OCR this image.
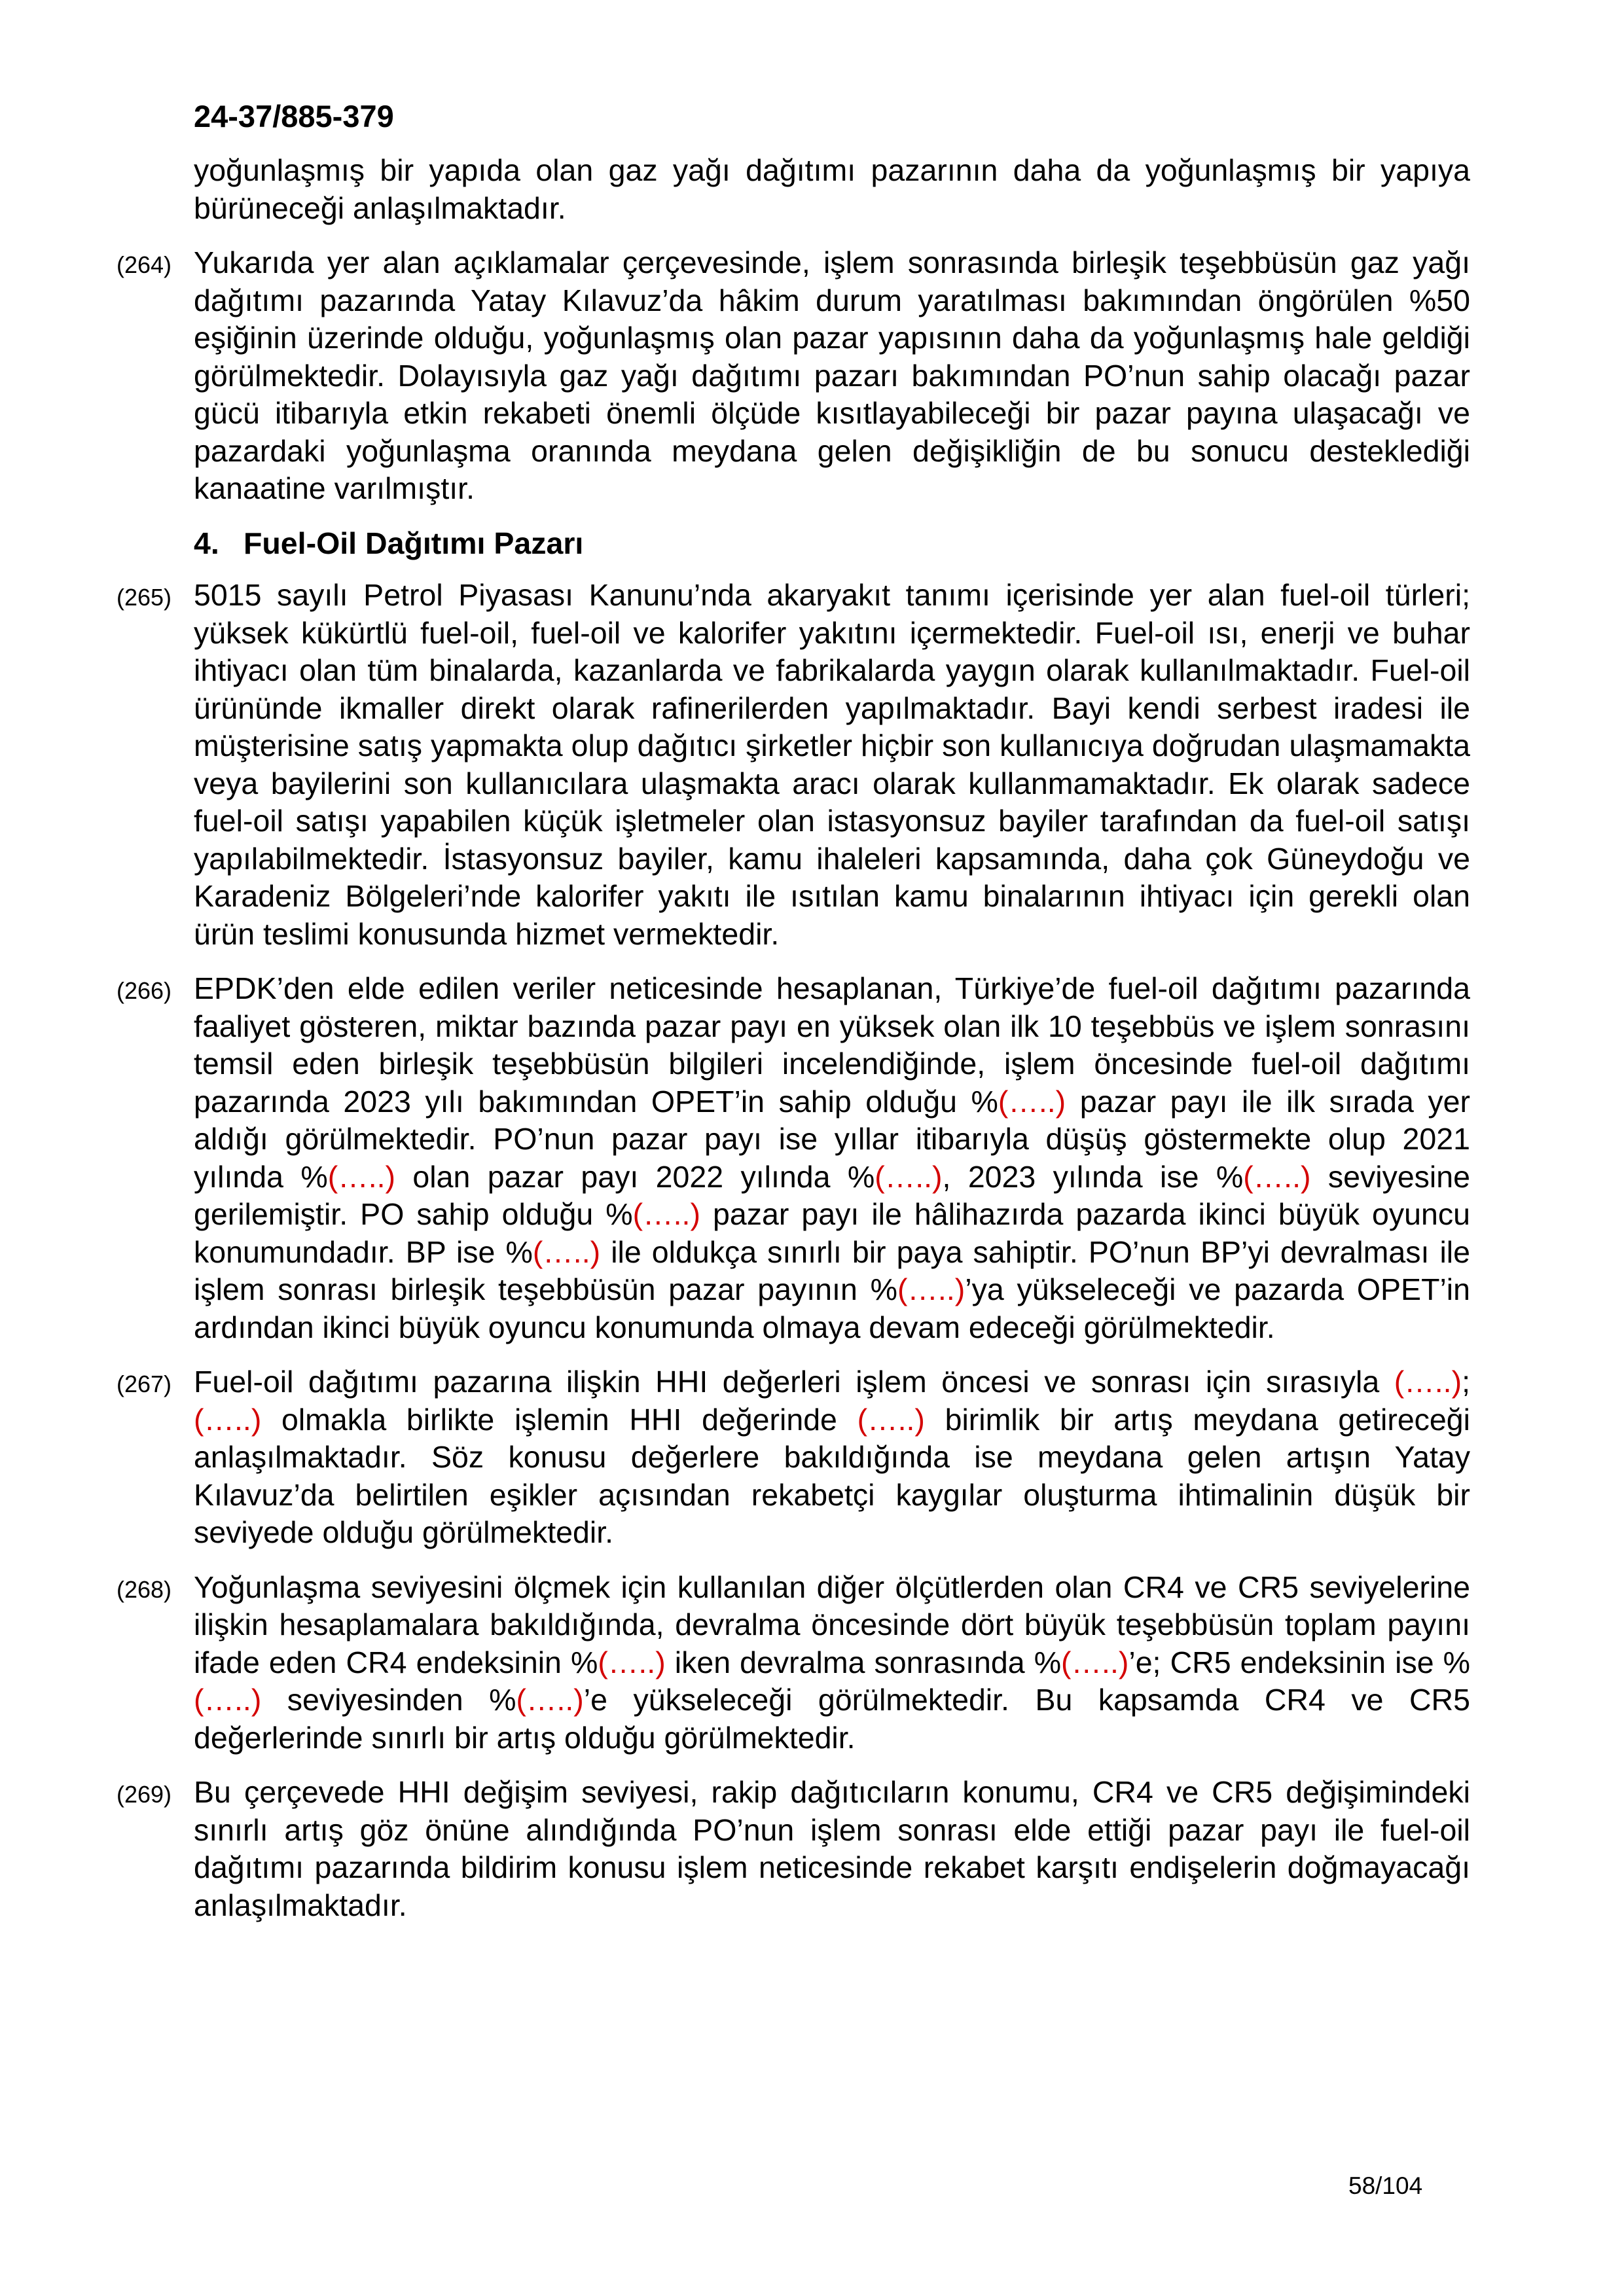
24-37/885-379

yoğunlaşmış bir yapıda olan gaz yağı dağıtımı pazarının daha da yoğunlaşmış bir yapıya bürüneceği anlaşılmaktadır.

(264) Yukarıda yer alan açıklamalar çerçevesinde, işlem sonrasında birleşik teşebbüsün gaz yağı dağıtımı pazarında Yatay Kılavuz’da hâkim durum yaratılması bakımından öngörülen %50 eşiğinin üzerinde olduğu, yoğunlaşmış olan pazar yapısının daha da yoğunlaşmış hale geldiği görülmektedir. Dolayısıyla gaz yağı dağıtımı pazarı bakımından PO’nun sahip olacağı pazar gücü itibarıyla etkin rekabeti önemli ölçüde kısıtlayabileceği bir pazar payına ulaşacağı ve pazardaki yoğunlaşma oranında meydana gelen değişikliğin de bu sonucu desteklediği kanaatine varılmıştır.

4. Fuel-Oil Dağıtımı Pazarı

(265) 5015 sayılı Petrol Piyasası Kanunu’nda akaryakıt tanımı içerisinde yer alan fuel-oil türleri; yüksek kükürtlü fuel-oil, fuel-oil ve kalorifer yakıtını içermektedir. Fuel-oil ısı, enerji ve buhar ihtiyacı olan tüm binalarda, kazanlarda ve fabrikalarda yaygın olarak kullanılmaktadır. Fuel-oil ürününde ikmaller direkt olarak rafinerilerden yapılmaktadır. Bayi kendi serbest iradesi ile müşterisine satış yapmakta olup dağıtıcı şirketler hiçbir son kullanıcıya doğrudan ulaşmamakta veya bayilerini son kullanıcılara ulaşmakta aracı olarak kullanmamaktadır. Ek olarak sadece fuel-oil satışı yapabilen küçük işletmeler olan istasyonsuz bayiler tarafından da fuel-oil satışı yapılabilmektedir. İstasyonsuz bayiler, kamu ihaleleri kapsamında, daha çok Güneydoğu ve Karadeniz Bölgeleri’nde kalorifer yakıtı ile ısıtılan kamu binalarının ihtiyacı için gerekli olan ürün teslimi konusunda hizmet vermektedir.

(266) EPDK’den elde edilen veriler neticesinde hesaplanan, Türkiye’de fuel-oil dağıtımı pazarında faaliyet gösteren, miktar bazında pazar payı en yüksek olan ilk 10 teşebbüs ve işlem sonrasını temsil eden birleşik teşebbüsün bilgileri incelendiğinde, işlem öncesinde fuel-oil dağıtımı pazarında 2023 yılı bakımından OPET’in sahip olduğu %(…..) pazar payı ile ilk sırada yer aldığı görülmektedir. PO’nun pazar payı ise yıllar itibarıyla düşüş göstermekte olup 2021 yılında %(…..) olan pazar payı 2022 yılında %(…..), 2023 yılında ise %(…..) seviyesine gerilemiştir. PO sahip olduğu %(…..) pazar payı ile hâlihazırda pazarda ikinci büyük oyuncu konumundadır. BP ise %(…..) ile oldukça sınırlı bir paya sahiptir. PO’nun BP’yi devralması ile işlem sonrası birleşik teşebbüsün pazar payının %(…..)’ya yükseleceği ve pazarda OPET’in ardından ikinci büyük oyuncu konumunda olmaya devam edeceği görülmektedir.

(267) Fuel-oil dağıtımı pazarına ilişkin HHI değerleri işlem öncesi ve sonrası için sırasıyla (…..); (…..) olmakla birlikte işlemin HHI değerinde (…..) birimlik bir artış meydana getireceği anlaşılmaktadır. Söz konusu değerlere bakıldığında ise meydana gelen artışın Yatay Kılavuz’da belirtilen eşikler açısından rekabetçi kaygılar oluşturma ihtimalinin düşük bir seviyede olduğu görülmektedir.

(268) Yoğunlaşma seviyesini ölçmek için kullanılan diğer ölçütlerden olan CR4 ve CR5 seviyelerine ilişkin hesaplamalara bakıldığında, devralma öncesinde dört büyük teşebbüsün toplam payını ifade eden CR4 endeksinin %(…..) iken devralma sonrasında %(…..)’e; CR5 endeksinin ise %(…..) seviyesinden %(…..)’e yükseleceği görülmektedir. Bu kapsamda CR4 ve CR5 değerlerinde sınırlı bir artış olduğu görülmektedir.

(269) Bu çerçevede HHI değişim seviyesi, rakip dağıtıcıların konumu, CR4 ve CR5 değişimindeki sınırlı artış göz önüne alındığında PO’nun işlem sonrası elde ettiği pazar payı ile fuel-oil dağıtımı pazarında bildirim konusu işlem neticesinde rekabet karşıtı endişelerin doğmayacağı anlaşılmaktadır.

58/104
